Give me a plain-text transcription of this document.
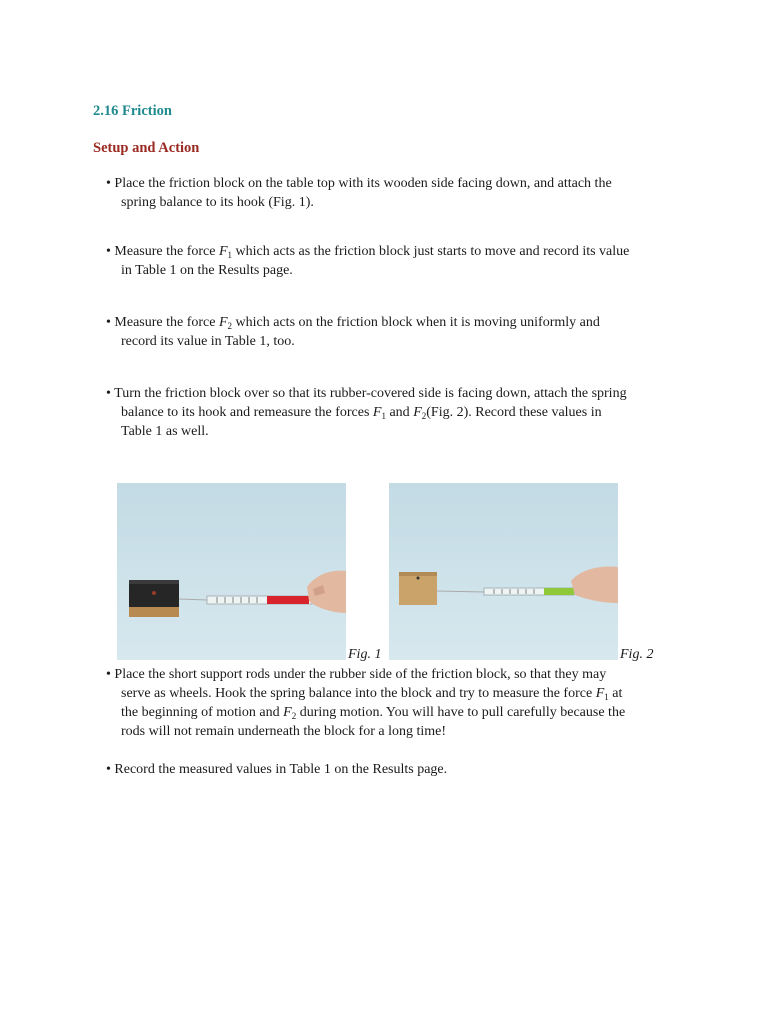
2.16 Friction
Setup and Action
• Place the friction block on the table top with its wooden side facing down, and attach the
spring balance to its hook (Fig. 1).
• Measure the force $F_1$ which acts as the friction block just starts to move and record its value
in Table 1 on the Results page.
• Measure the force $F_2$ which acts on the friction block when it is moving uniformly and
record its value in Table 1, too.
• Turn the friction block over so that its rubber-covered side is facing down, attach the spring
balance to its hook and remeasure the forces $F_1$ and $F_2(Fig$. 2). Record these values in
Table 1 as well.
• Place the short support rods under the rubber side of the friction block, so that they may
serve as wheels. Hook the spring balance into the block and try to measure the force $F_1$ at
the beginning of motion and $F_2$ during motion. You will have to pull carefully because the
rods will not remain underneath the block for a long time!
• Record the measured values in Table 1 on the Results page.
Fig. 1	Fig. 2
